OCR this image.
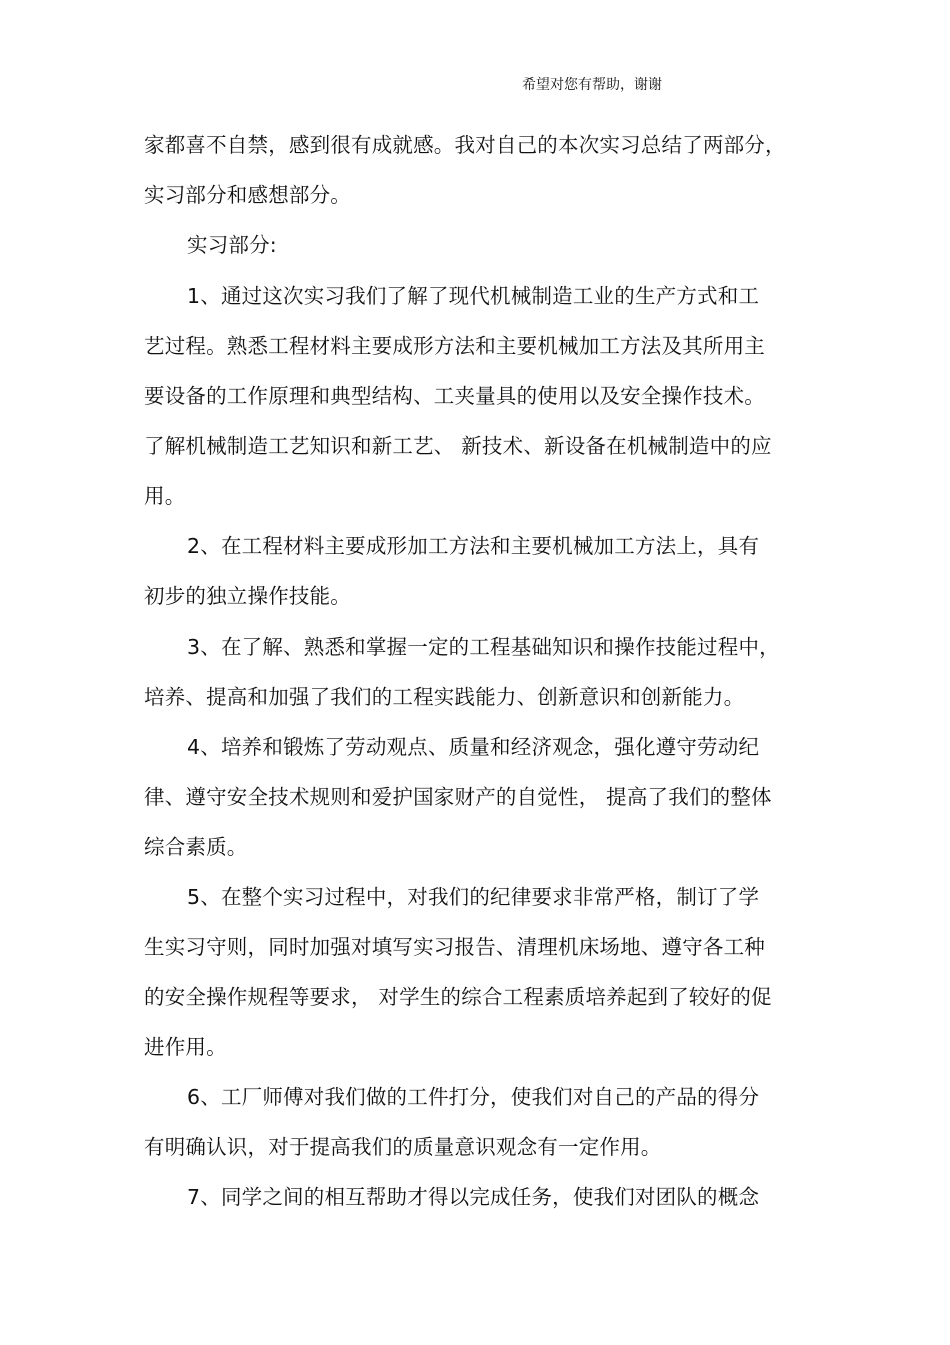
希望对您有帮助，谢谢
家都喜不自禁，感到很有成就感。我对自己的本次实习总结了两部分，
实习部分和感想部分。
实习部分:
1、通过这次实习我们了解了现代机械制造工业的生产方式和工
艺过程。熟悉工程材料主要成形方法和主要机械加工方法及其所用主
要设备的工作原理和典型结构、工夹量具的使用以及安全操作技术。
了解机械制造工艺知识和新工艺、 新技术、新设备在机械制造中的应
用。
2、在工程材料主要成形加工方法和主要机械加工方法上，具有
初步的独立操作技能。
3、在了解、熟悉和掌握一定的工程基础知识和操作技能过程中，
培养、提高和加强了我们的工程实践能力、创新意识和创新能力。
4、培养和锻炼了劳动观点、质量和经济观念，强化遵守劳动纪
律、遵守安全技术规则和爱护国家财产的自觉性， 提高了我们的整体
综合素质。
5、在整个实习过程中，对我们的纪律要求非常严格，制订了学
生实习守则，同时加强对填写实习报告、清理机床场地、遵守各工种
的安全操作规程等要求， 对学生的综合工程素质培养起到了较好的促
进作用。
6、工厂师傅对我们做的工件打分，使我们对自己的产品的得分
有明确认识，对于提高我们的质量意识观念有一定作用。
7、同学之间的相互帮助才得以完成任务，使我们对团队的概念
